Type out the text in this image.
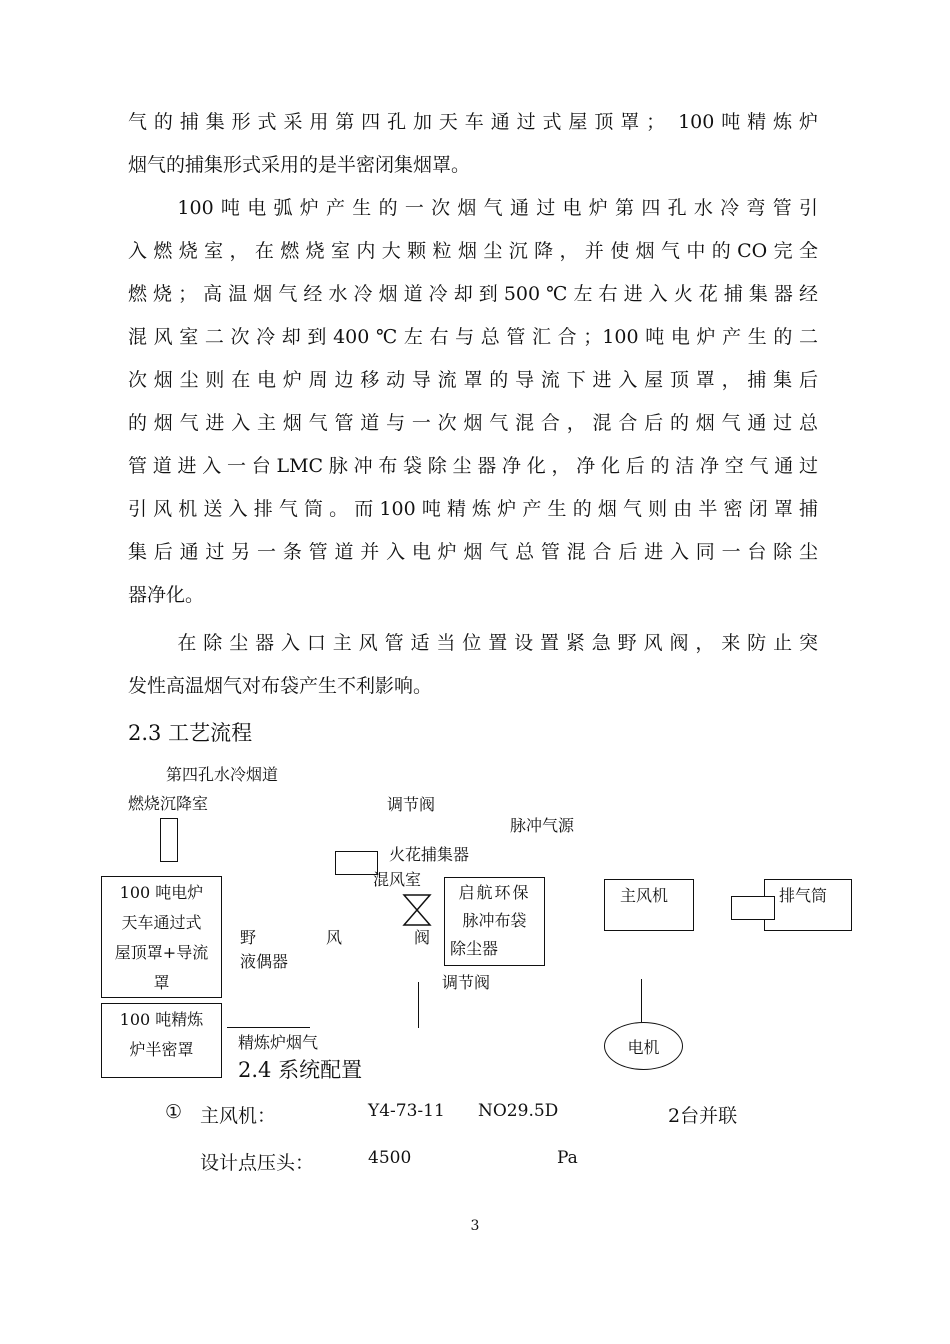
气的捕集形式采用第四孔加天车通过式屋顶罩； 100吨精炼炉
烟气的捕集形式采用的是半密闭集烟罩。
100吨电弧炉产生的一次烟气通过电炉第四孔水冷弯管引
入燃烧室，在燃烧室内大颗粒烟尘沉降，并使烟气中的CO完全
燃烧；高温烟气经水冷烟道冷却到500℃左右进入火花捕集器经
混风室二次冷却到400℃左右与总管汇合；100吨电炉产生的二
次烟尘则在电炉周边移动导流罩的导流下进入屋顶罩，捕集后
的烟气进入主烟气管道与一次烟气混合，混合后的烟气通过总
管道进入一台LMC脉冲布袋除尘器净化，净化后的洁净空气通过
引风机送入排气筒。而100吨精炼炉产生的烟气则由半密闭罩捕
集后通过另一条管道并入电炉烟气总管混合后进入同一台除尘
器净化。
在除尘器入口主风管适当位置设置紧急野风阀，来防止突
发性高温烟气对布袋产生不利影响。
2.3 工艺流程
第四孔水冷烟道
燃烧沉降室	调节阀
脉冲气源
火花捕集器
混风室
100 吨电炉
天车通过式
屋顶罩+导流
罩
100 吨精炼
炉半密罩
野	风	阀
液偶器
启航环保
脉冲布袋
除尘器
调节阀
精炼炉烟气
主风机
电机
排气筒
2.4 系统配置
① 主风机：	Y4-73-11 NO29.5D	2台并联
设计点压头：	4500	Pa
3
